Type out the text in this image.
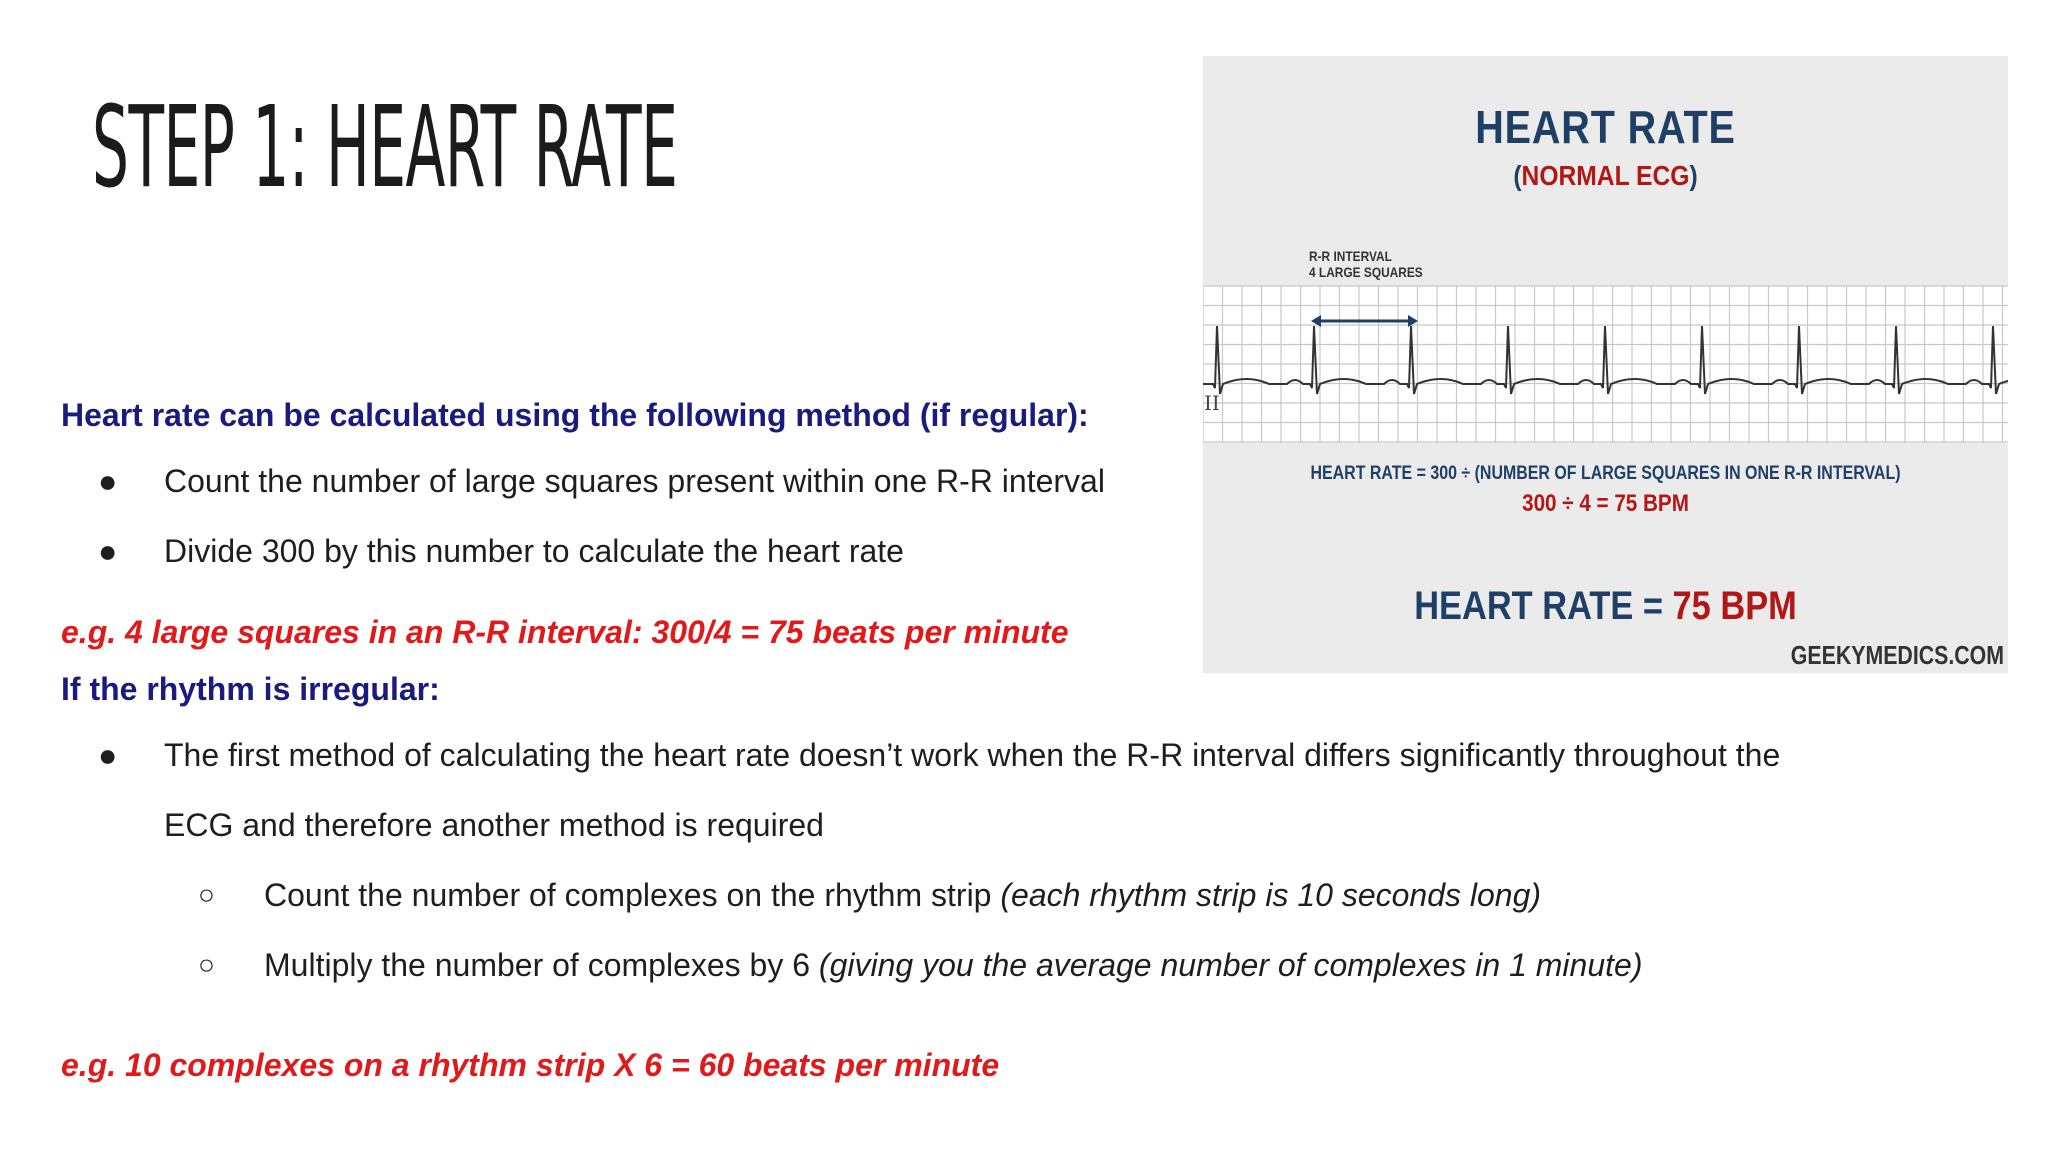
STEP 1: HEART RATE

Heart rate can be calculated using the following method (if regular):

● Count the number of large squares present within one R-R interval
● Divide 300 by this number to calculate the heart rate

e.g. 4 large squares in an R-R interval: 300/4 = 75 beats per minute

If the rhythm is irregular:

● The first method of calculating the heart rate doesn’t work when the R-R interval differs significantly throughout the
ECG and therefore another method is required
○ Count the number of complexes on the rhythm strip (each rhythm strip is 10 seconds long)
○ Multiply the number of complexes by 6 (giving you the average number of complexes in 1 minute)

e.g. 10 complexes on a rhythm strip X 6 = 60 beats per minute

HEART RATE
(NORMAL ECG)
R-R INTERVAL
4 LARGE SQUARES
II
HEART RATE = 300 ÷ (NUMBER OF LARGE SQUARES IN ONE R-R INTERVAL)
300 ÷ 4 = 75 BPM
HEART RATE = 75 BPM
GEEKYMEDICS.COM
